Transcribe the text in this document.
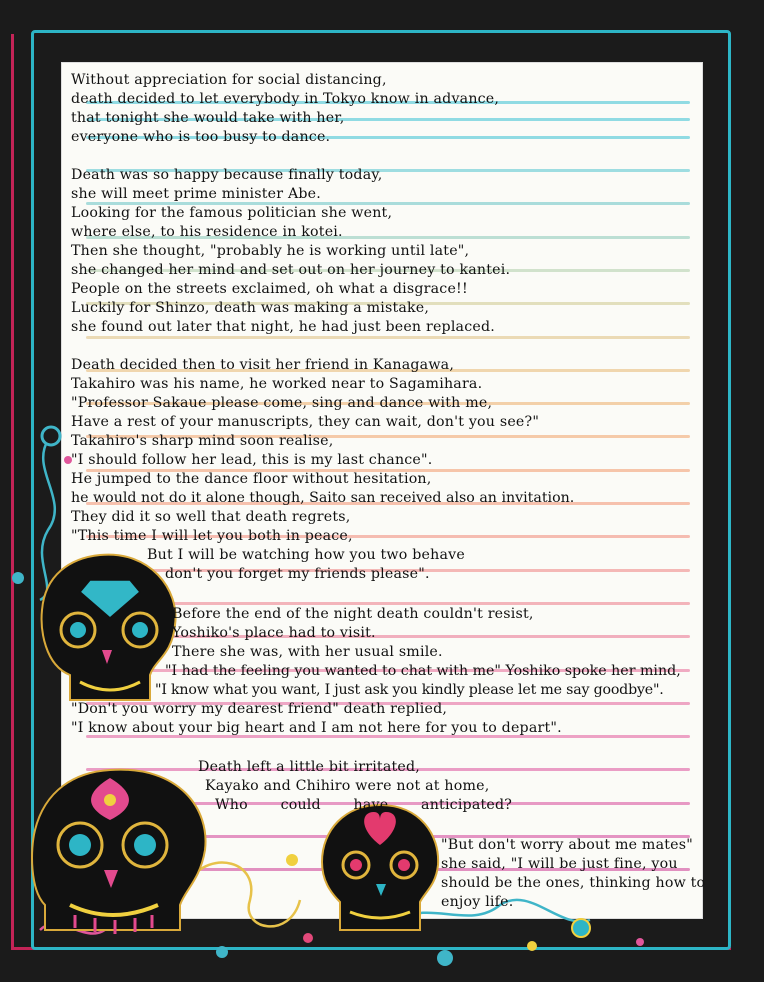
Without appreciation for social distancing,
death decided to let everybody in Tokyo know in advance,
that tonight she would take with her,
everyone who is too busy to dance.
Death was so happy because finally today,
she will meet prime minister Abe.
Looking for the famous politician she went,
where else, to his residence in kotei.
Then she thought, "probably he is working until late",
she changed her mind and set out on her journey to kantei.
People on the streets exclaimed, oh what a disgrace!!
Luckily for Shinzo, death was making a mistake,
she found out later that night, he had just been replaced.
Death decided then to visit her friend in Kanagawa,
Takahiro was his name, he worked near to Sagamihara.
"Professor Sakaue please come, sing and dance with me,
Have a rest of your manuscripts, they can wait, don't you see?"
Takahiro's sharp mind soon realise,
"I should follow her lead, this is my last chance".
He jumped to the dance floor without hesitation,
he would not do it alone though, Saito san received also an invitation.
They did it so well that death regrets,
"This time I will let you both in peace,
But I will be watching how you two behave
don't you forget my friends please".
Before the end of the night death couldn't resist,
Yoshiko's place had to visit.
There she was, with her usual smile.
"I had the feeling you wanted to chat with me" Yoshiko spoke her mind,
"I know what you want, I just ask you kindly please let me say goodbye".
"Don't you worry my dearest friend" death replied,
"I know about your big heart and I am not here for you to depart".
Death left a little bit irritated,
Kayako and Chihiro were not at home,
Who could have anticipated?
"But don't worry about me mates"
she said, "I will be just fine, you
should be the ones, thinking how to
enjoy life.
